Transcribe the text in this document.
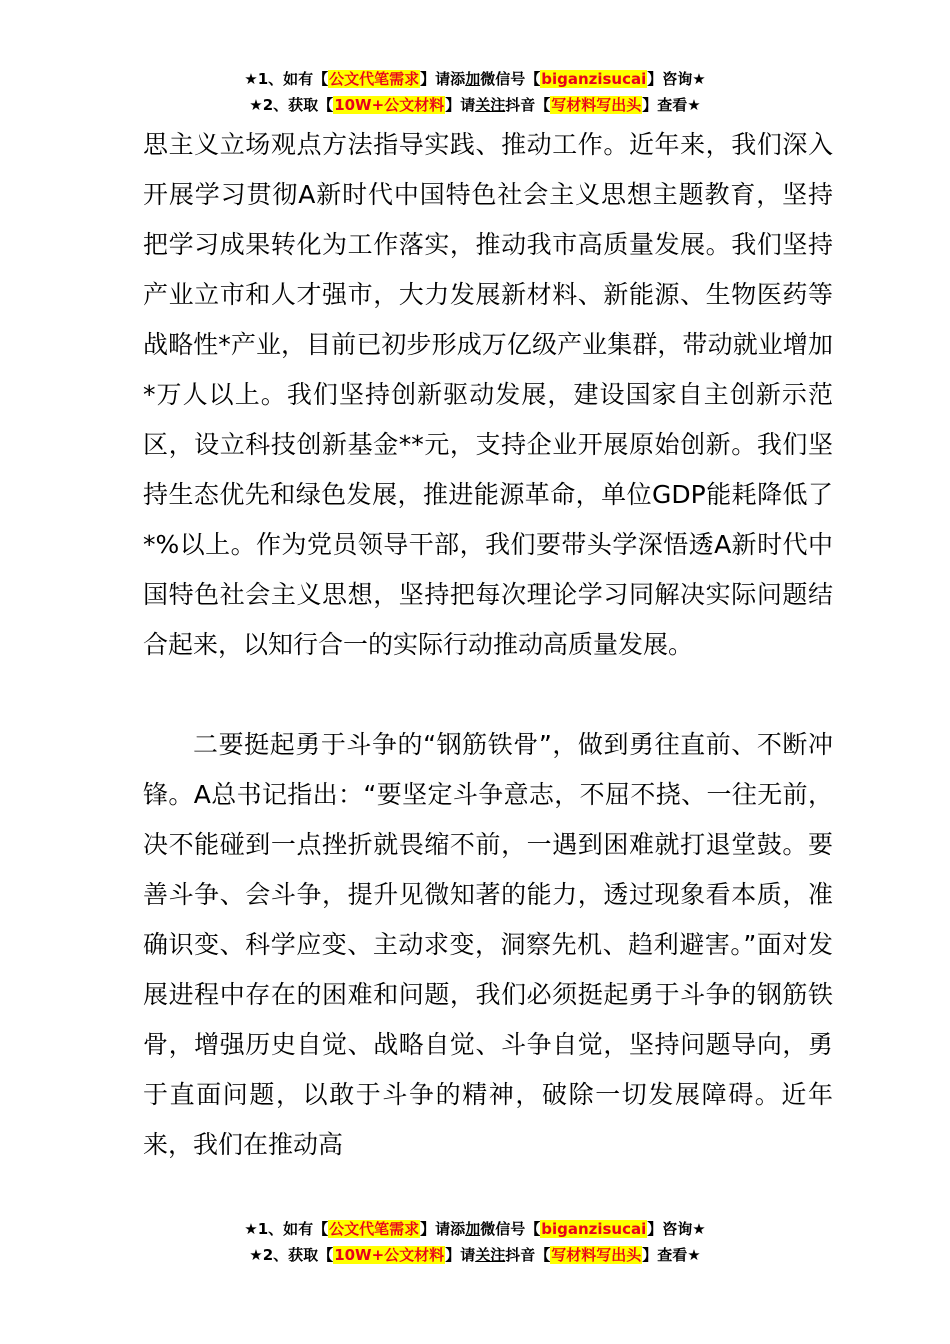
★1、如有【公文代笔需求】请添加微信号【biganzisucai】咨询★
★2、获取【10W+公文材料】请关注抖音【写材料写出头】查看★

思主义立场观点方法指导实践、推动工作。近年来，我们深入开展学习贯彻A新时代中国特色社会主义思想主题教育，坚持把学习成果转化为工作落实，推动我市高质量发展。我们坚持产业立市和人才强市，大力发展新材料、新能源、生物医药等战略性*产业，目前已初步形成万亿级产业集群，带动就业增加*万人以上。我们坚持创新驱动发展，建设国家自主创新示范区，设立科技创新基金**元，支持企业开展原始创新。我们坚持生态优先和绿色发展，推进能源革命，单位GDP能耗降低了*%以上。作为党员领导干部，我们要带头学深悟透A新时代中国特色社会主义思想，坚持把每次理论学习同解决实际问题结合起来，以知行合一的实际行动推动高质量发展。

二要挺起勇于斗争的“钢筋铁骨”，做到勇往直前、不断冲锋。A总书记指出：“要坚定斗争意志，不屈不挠、一往无前，决不能碰到一点挫折就畏缩不前，一遇到困难就打退堂鼓。要善斗争、会斗争，提升见微知著的能力，透过现象看本质，准确识变、科学应变、主动求变，洞察先机、趋利避害。”面对发展进程中存在的困难和问题，我们必须挺起勇于斗争的钢筋铁骨，增强历史自觉、战略自觉、斗争自觉，坚持问题导向，勇于直面问题，以敢于斗争的精神，破除一切发展障碍。近年来，我们在推动高

★1、如有【公文代笔需求】请添加微信号【biganzisucai】咨询★
★2、获取【10W+公文材料】请关注抖音【写材料写出头】查看★
